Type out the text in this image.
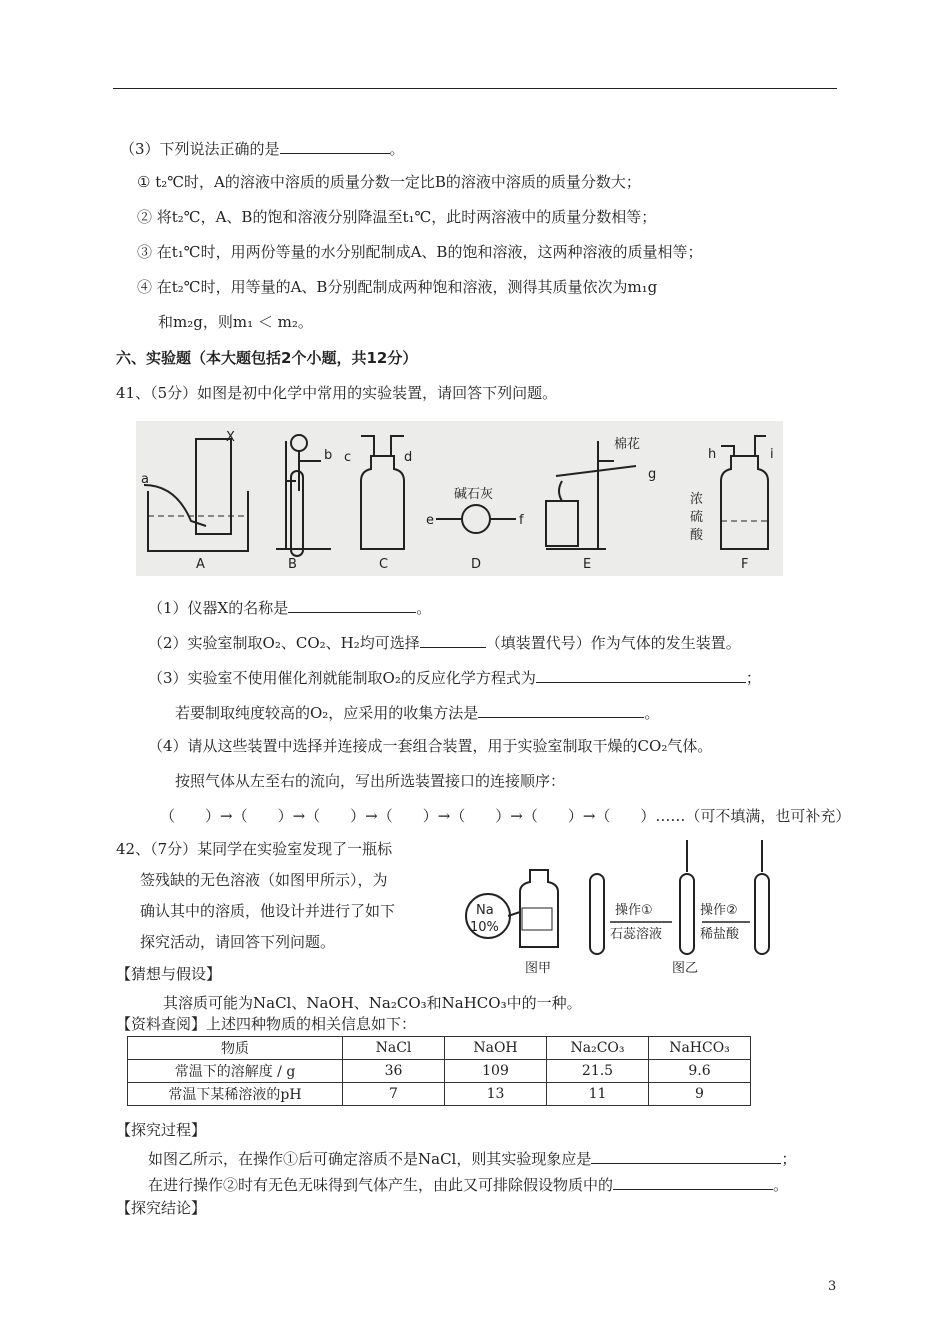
（3）下列说法正确的是	。
① t₂℃时，A的溶液中溶质的质量分数一定比B的溶液中溶质的质量分数大；
② 将t₂℃，A、B的饱和溶液分别降温至t₁℃，此时两溶液中的质量分数相等；
③ 在t₁℃时，用两份等量的水分别配制成A、B的饱和溶液，这两种溶液的质量相等；
④ 在t₂℃时，用等量的A、B分别配制成两种饱和溶液，测得其质量依次为m₁g
和m₂g，则m₁ ＜ m₂。
六、实验题（本大题包括2个小题，共12分）
41、（5分）如图是初中化学中常用的实验装置，请回答下列问题。
A	B	C	D	E	F
X
a
b c	d
e	f
g
h	i
碱石灰
棉花
浓
硫
酸
（1）仪器X的名称是	。
（2）实验室制取O₂、CO₂、H₂均可选择	（填装置代号）作为气体的发生装置。
（3）实验室不使用催化剂就能制取O₂的反应化学方程式为	；
若要制取纯度较高的O₂，应采用的收集方法是	。
（4）请从这些装置中选择并连接成一套组合装置，用于实验室制取干燥的CO₂气体。
按照气体从左至右的流向，写出所选装置接口的连接顺序：
（　　）→（　　）→（　　）→（　　）→（　　）→（　　）→（　　）……（可不填满，也可补充）
42、（7分）某同学在实验室发现了一瓶标
签残缺的无色溶液（如图甲所示），为
确认其中的溶质，他设计并进行了如下
探究活动，请回答下列问题。
Na
10%
操作①
石蕊溶液
操作②
稀盐酸
图甲	图乙
【猜想与假设】
其溶质可能为NaCl、NaOH、Na₂CO₃和NaHCO₃中的一种。
【资料查阅】上述四种物质的相关信息如下：
物质	NaCl	NaOH	Na₂CO₃	NaHCO₃
常温下的溶解度 / g	36	109	21.5	9.6
常温下某稀溶液的pH	7	13	11	9
【探究过程】
如图乙所示，在操作①后可确定溶质不是NaCl，则其实验现象应是	；
在进行操作②时有无色无味得到气体产生，由此又可排除假设物质中的	。
【探究结论】
3
